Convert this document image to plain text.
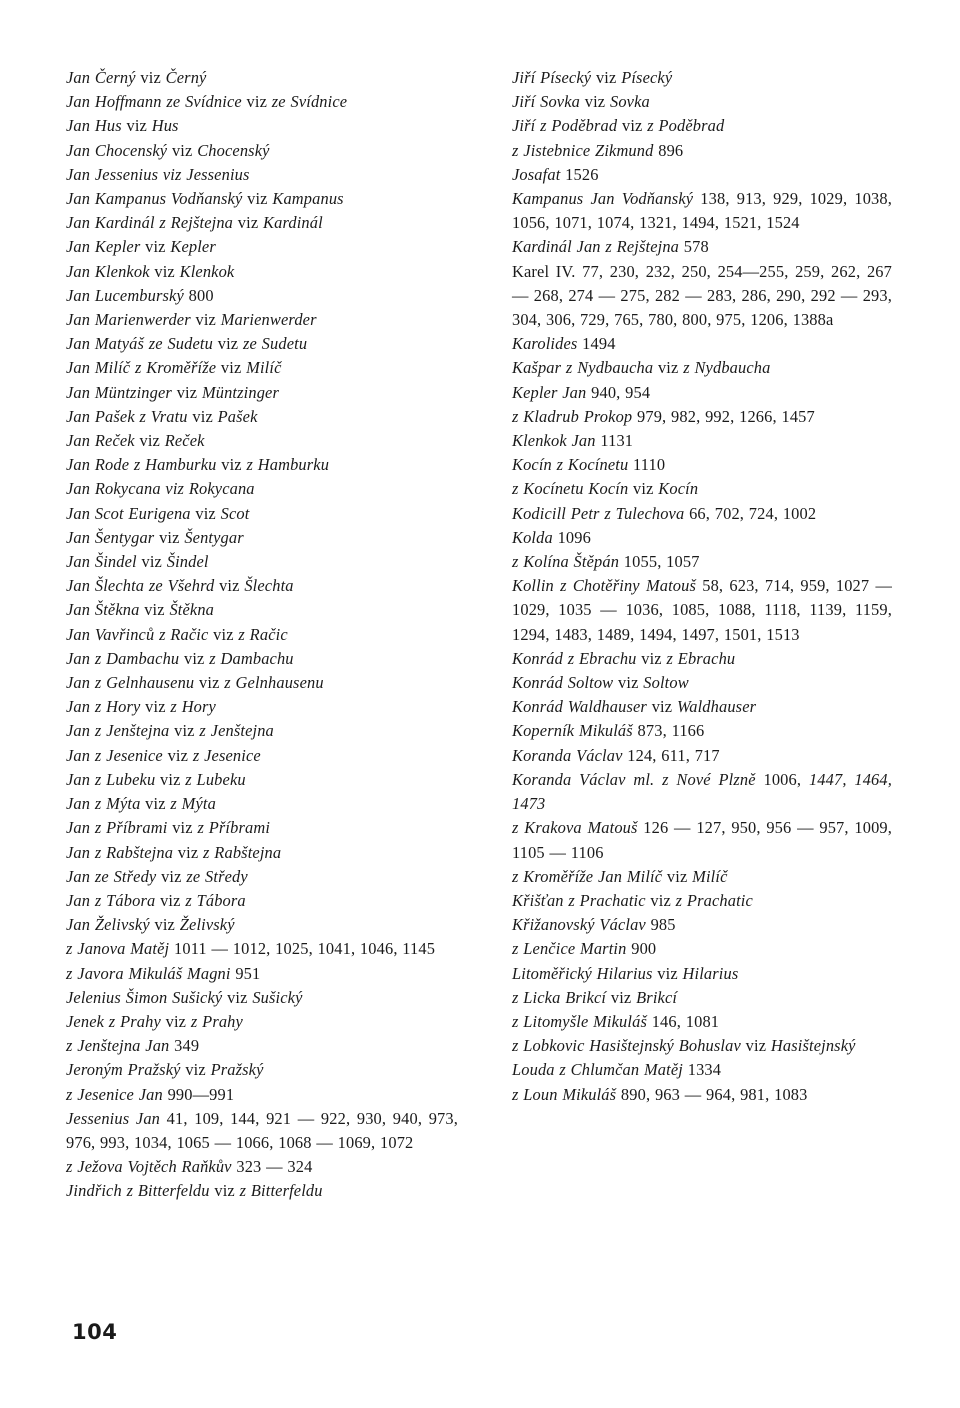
Jan Černý viz Černý
Jan Hoffmann ze Svídnice viz ze Svídnice
Jan Hus viz Hus
Jan Chocenský viz Chocenský
Jan Jessenius viz Jessenius
Jan Kampanus Vodňanský viz Kampanus
Jan Kardinál z Rejštejna viz Kardinál
Jan Kepler viz Kepler
Jan Klenkok viz Klenkok
Jan Lucemburský 800
Jan Marienwerder viz Marienwerder
Jan Matyáš ze Sudetu viz ze Sudetu
Jan Milíč z Kroměříže viz Milíč
Jan Müntzinger viz Müntzinger
Jan Pašek z Vratu viz Pašek
Jan Reček viz Reček
Jan Rode z Hamburku viz z Hamburku
Jan Rokycana viz Rokycana
Jan Scot Eurigena viz Scot
Jan Šentygar viz Šentygar
Jan Šindel viz Šindel
Jan Šlechta ze Všehrd viz Šlechta
Jan Štěkna viz Štěkna
Jan Vavřinců z Račic viz z Račic
Jan z Dambachu viz z Dambachu
Jan z Gelnhausenu viz z Gelnhausenu
Jan z Hory viz z Hory
Jan z Jenštejna viz z Jenštejna
Jan z Jesenice viz z Jesenice
Jan z Lubeku viz z Lubeku
Jan z Mýta viz z Mýta
Jan z Příbrami viz z Příbrami
Jan z Rabštejna viz z Rabštejna
Jan ze Středy viz ze Středy
Jan z Tábora viz z Tábora
Jan Želivský viz Želivský
z Janova Matěj 1011 — 1012, 1025, 1041, 1046, 1145
z Javora Mikuláš Magni 951
Jelenius Šimon Sušický viz Sušický
Jenek z Prahy viz z Prahy
z Jenštejna Jan 349
Jeroným Pražský viz Pražský
z Jesenice Jan 990—991
Jessenius Jan 41, 109, 144, 921 — 922, 930, 940, 973, 976, 993, 1034, 1065 — 1066, 1068 — 1069, 1072
z Ježova Vojtěch Raňkův 323 — 324
Jindřich z Bitterfeldu viz z Bitterfeldu
Jiří Písecký viz Písecký
Jiří Sovka viz Sovka
Jiří z Poděbrad viz z Poděbrad
z Jistebnice Zikmund 896
Josafat 1526
Kampanus Jan Vodňanský 138, 913, 929, 1029, 1038, 1056, 1071, 1074, 1321, 1494, 1521, 1524
Kardinál Jan z Rejštejna 578
Karel IV. 77, 230, 232, 250, 254—255, 259, 262, 267 — 268, 274 — 275, 282 — 283, 286, 290, 292 — 293, 304, 306, 729, 765, 780, 800, 975, 1206, 1388a
Karolides 1494
Kašpar z Nydbaucha viz z Nydbaucha
Kepler Jan 940, 954
z Kladrub Prokop 979, 982, 992, 1266, 1457
Klenkok Jan 1131
Kocín z Kocínetu 1110
z Kocínetu Kocín viz Kocín
Kodicill Petr z Tulechova 66, 702, 724, 1002
Kolda 1096
z Kolína Štěpán 1055, 1057
Kollin z Chotěřiny Matouš 58, 623, 714, 959, 1027 — 1029, 1035 — 1036, 1085, 1088, 1118, 1139, 1159, 1294, 1483, 1489, 1494, 1497, 1501, 1513
Konrád z Ebrachu viz z Ebrachu
Konrád Soltow viz Soltow
Konrád Waldhauser viz Waldhauser
Koperník Mikuláš 873, 1166
Koranda Václav 124, 611, 717
Koranda Václav ml. z Nové Plzně 1006, 1447, 1464, 1473
z Krakova Matouš 126 — 127, 950, 956 — 957, 1009, 1105 — 1106
z Kroměříže Jan Milíč viz Milíč
Křišťan z Prachatic viz z Prachatic
Křižanovský Václav 985
z Lenčice Martin 900
Litoměřický Hilarius viz Hilarius
z Licka Brikcí viz Brikcí
z Litomyšle Mikuláš 146, 1081
z Lobkovic Hasištejnský Bohuslav viz Hasištejnský
Louda z Chlumčan Matěj 1334
z Loun Mikuláš 890, 963 — 964, 981, 1083
104
